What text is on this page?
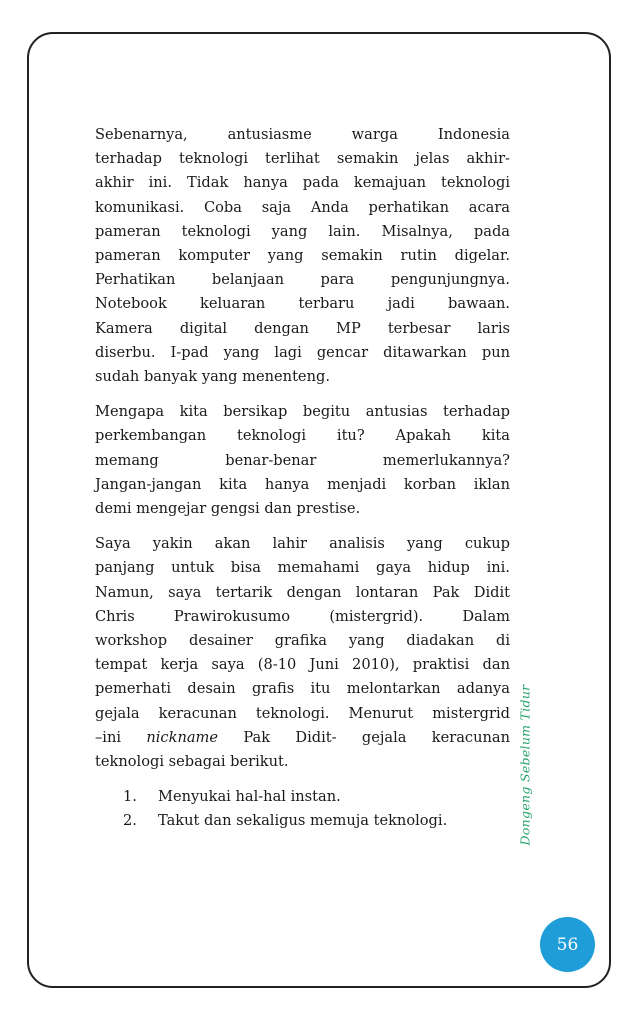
Sebenarnya, antusiasme warga Indonesia
terhadap teknologi terlihat semakin jelas akhir-
akhir ini. Tidak hanya pada kemajuan teknologi
komunikasi. Coba saja Anda perhatikan acara
pameran teknologi yang lain. Misalnya, pada
pameran komputer yang semakin rutin digelar.
Perhatikan belanjaan para pengunjungnya.
Notebook keluaran terbaru jadi bawaan.
Kamera digital dengan MP terbesar laris
diserbu. I-pad yang lagi gencar ditawarkan pun
sudah banyak yang menenteng.
Mengapa kita bersikap begitu antusias terhadap
perkembangan teknologi itu? Apakah kita
memang benar-benar memerlukannya?
Jangan-jangan kita hanya menjadi korban iklan
demi mengejar gengsi dan prestise.
Saya yakin akan lahir analisis yang cukup
panjang untuk bisa memahami gaya hidup ini.
Namun, saya tertarik dengan lontaran Pak Didit
Chris Prawirokusumo (mistergrid). Dalam
workshop desainer grafika yang diadakan di
tempat kerja saya (8-10 Juni 2010), praktisi dan
pemerhati desain grafis itu melontarkan adanya
gejala keracunan teknologi. Menurut mistergrid
–ini nickname Pak Didit- gejala keracunan
teknologi sebagai berikut.
1.	Menyukai hal-hal instan.
2.	Takut dan sekaligus memuja teknologi.	Dongeng Sebelum Tidur
56
